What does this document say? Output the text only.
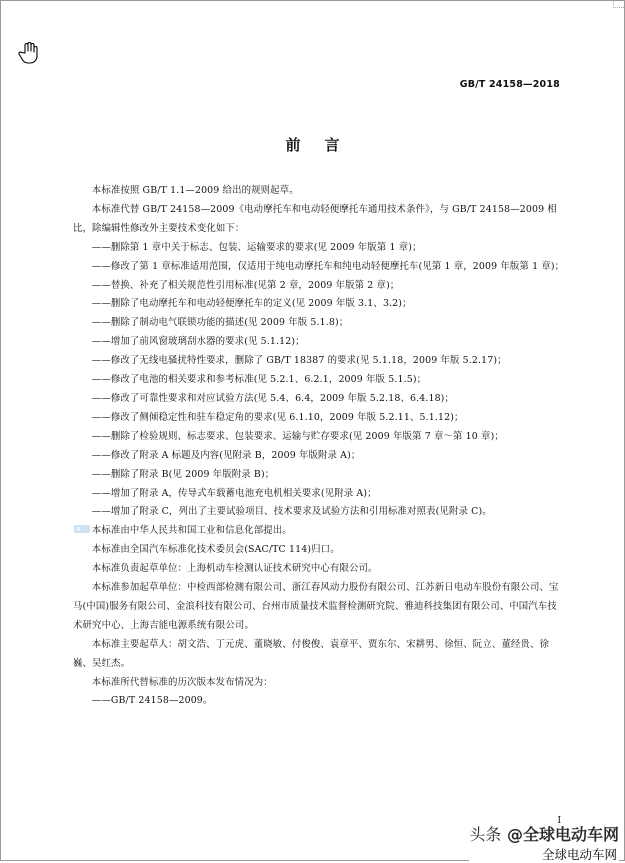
GB/T 24158—2018
前言

本标准按照 GB/T 1.1—2009 给出的规则起草。

本标准代替 GB/T 24158—2009《电动摩托车和电动轻便摩托车通用技术条件》，与 GB/T 24158—2009 相比，除编辑性修改外主要技术变化如下：

——删除第 1 章中关于标志、包装、运输要求的要求(见 2009 年版第 1 章)；

——修改了第 1 章标准适用范围，仅适用于纯电动摩托车和纯电动轻便摩托车(见第 1 章，2009 年版第 1 章)；

——替换、补充了相关规范性引用标准(见第 2 章，2009 年版第 2 章)；

——删除了电动摩托车和电动轻便摩托车的定义(见 2009 年版 3.1、3.2)；

——删除了制动电气联锁功能的描述(见 2009 年版 5.1.8)；

——增加了前风窗玻璃刮水器的要求(见 5.1.12)；

——修改了无线电骚扰特性要求，删除了 GB/T 18387 的要求(见 5.1.18，2009 年版 5.2.17)；

——修改了电池的相关要求和参考标准(见 5.2.1、6.2.1，2009 年版 5.1.5)；

——修改了可靠性要求和对应试验方法(见 5.4、6.4，2009 年版 5.2.18、6.4.18)；

——修改了侧倾稳定性和驻车稳定角的要求(见 6.1.10，2009 年版 5.2.11、5.1.12)；

——删除了检验规则、标志要求、包装要求、运输与贮存要求(见 2009 年版第 7 章～第 10 章)；

——修改了附录 A 标题及内容(见附录 B，2009 年版附录 A)；

——删除了附录 B(见 2009 年版附录 B)；

——增加了附录 A，传导式车载蓄电池充电机相关要求(见附录 A)；

——增加了附录 C，列出了主要试验项目、技术要求及试验方法和引用标准对照表(见附录 C)。

本标准由中华人民共和国工业和信息化部提出。

本标准由全国汽车标准化技术委员会(SAC/TC 114)归口。

本标准负责起草单位：上海机动车检测认证技术研究中心有限公司。

本标准参加起草单位：中检西部检测有限公司、浙江春风动力股份有限公司、江苏新日电动车股份有限公司、宝马(中国)服务有限公司、金浪科技有限公司、台州市质量技术监督检测研究院、雅迪科技集团有限公司、中国汽车技术研究中心、上海吉能电源系统有限公司。

本标准主要起草人：胡文浩、丁元虎、董晓敏、付俊俊、袁章平、贾东尔、宋耕男、徐恒、阮立、董经贵、徐巍、吴红杰。

本标准所代替标准的历次版本发布情况为：

——GB/T 24158—2009。

I
头条 @全球电动车网
全球电动车网
